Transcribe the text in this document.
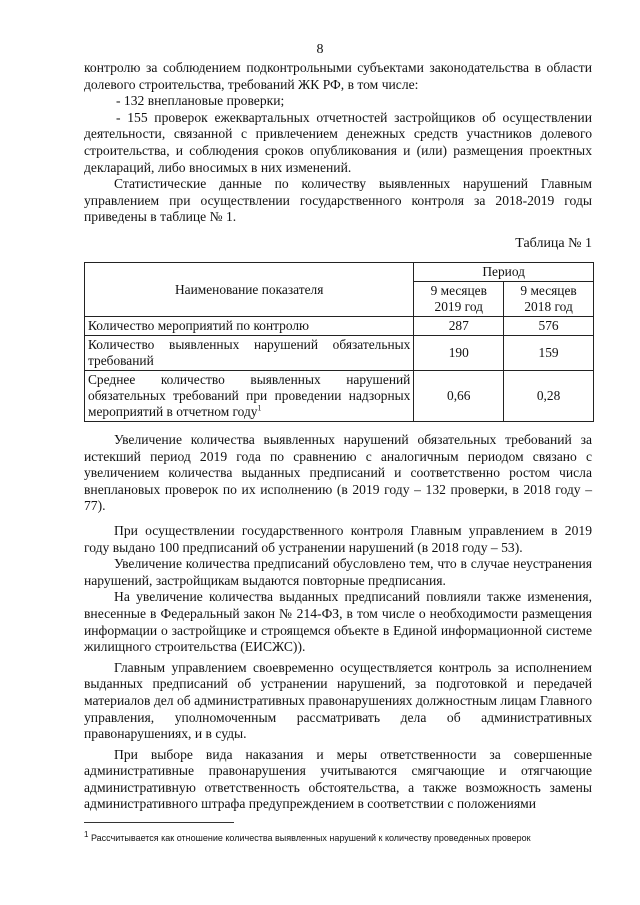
8

контролю за соблюдением подконтрольными субъектами законодательства в области долевого строительства, требований ЖК РФ, в том числе:

- 132 внеплановые проверки;

- 155 проверок ежеквартальных отчетностей застройщиков об осуществлении деятельности, связанной с привлечением денежных средств участников долевого строительства, и соблюдения сроков опубликования и (или) размещения проектных деклараций, либо вносимых в них изменений.

Статистические данные по количеству выявленных нарушений Главным управлением при осуществлении государственного контроля за 2018-2019 годы приведены в таблице № 1.

Таблица № 1
Наименование показателя	Период	
	9 месяцев 2019 год	9 месяцев 2018 год
Количество мероприятий по контролю	287	576
Количество выявленных нарушений обязательных требований	190	159
Среднее количество выявленных нарушений обязательных требований при проведении надзорных мероприятий в отчетном году$^1$	0,66	0,28

Увеличение количества выявленных нарушений обязательных требований за истекший период 2019 года по сравнению с аналогичным периодом связано с увеличением количества выданных предписаний и соответственно ростом числа внеплановых проверок по их исполнению (в 2019 году – 132 проверки, в 2018 году – 77).

При осуществлении государственного контроля Главным управлением в 2019 году выдано 100 предписаний об устранении нарушений (в 2018 году – 53).

Увеличение количества предписаний обусловлено тем, что в случае неустранения нарушений, застройщикам выдаются повторные предписания.

На увеличение количества выданных предписаний повлияли также изменения, внесенные в Федеральный закон № 214-ФЗ, в том числе о необходимости размещения информации о застройщике и строящемся объекте в Единой информационной системе жилищного строительства (ЕИСЖС)).

Главным управлением своевременно осуществляется контроль за исполнением выданных предписаний об устранении нарушений, за подготовкой и передачей материалов дел об административных правонарушениях должностным лицам Главного управления, уполномоченным рассматривать дела об административных правонарушениях, и в суды.

При выборе вида наказания и меры ответственности за совершенные административные правонарушения учитываются смягчающие и отягчающие административную ответственность обстоятельства, а также возможность замены административного штрафа предупреждением в соответствии с положениями

$^1$ Рассчитывается как отношение количества выявленных нарушений к количеству проведенных проверок
